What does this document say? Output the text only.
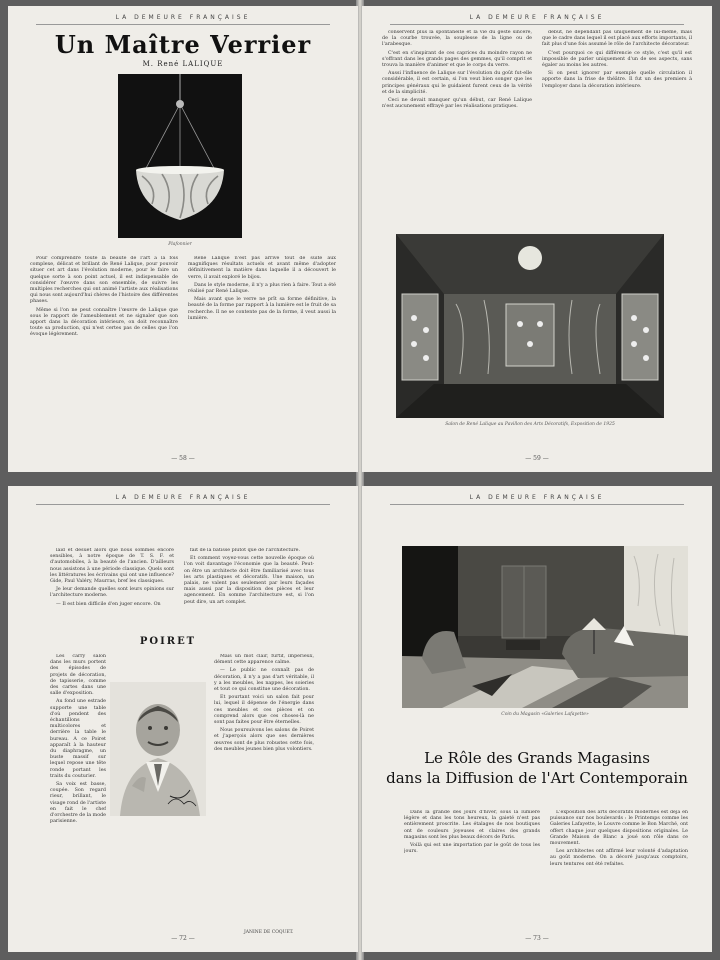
LA DEMEURE FRANÇAISE
Un Maître Verrier
M. René LALIQUE
Plafonnier

Pour comprendre toute la beauté de l'art à la fois complexe, délicat et brillant de René Lalique, pour pouvoir situer cet art dans l'évolution moderne, pour le faire un quelque sorte à son point actuel, il est indispensable de considérer l'œuvre dans son ensemble, de suivre les multiples recherches qui ont animé l'artiste aux réalisations qui nous sont aujourd'hui chères de l'histoire des différentes phases.

Même si l'on ne peut connaître l'œuvre de Lalique que sous le rapport de l'ameublement et ne signaler que son apport dans la décoration intérieure, on doit reconnaître toute sa production, qui n'est certes pas de celles que l'on évoque légèrement.

René Lalique n'est pas arrivé tout de suite aux magnifiques résultats actuels et avant même d'adopter définitivement la matière dans laquelle il a découvert le verre, il avait exploré le bijou.

Dans le style moderne, il n'y a plus rien à faire. Tout a été réalisé par René Lalique.

Mais avant que le verre ne prît sa forme définitive, la beauté de la forme par rapport à la lumière est le fruit de sa recherche. Il ne se contente pas de la forme, il veut aussi la lumière.

— 58 —
LA DEMEURE FRANÇAISE

conservent plus la spontanéité et la vie du gesté sincère, de la courbe trouvée, la souplesse de la ligne ou de l'arabesque.

C'est en s'inspirant de ces caprices du moindre rayon ne s'offrant dans les grands pages des gemmes, qu'il comprit et trouva la manière d'animer et que le corps du verre.

Aussi l'influence de Lalique sur l'évolution du goût fut-elle considérable, il est certain, si l'on veut bien songer que les principes généraux qui le guidaient furent ceux de la vérité et de la simplicité.

Ceci ne devait manquer qu'un début, car René Lalique n'est aucunement effrayé par les réalisations pratiques.

début, ne dépendant pas uniquement de lui-même, mais que le cadre dans lequel il est placé aux efforts importants, il fait plus d'une fois assumé le rôle de l'architecte décorateur.

C'est pourquoi ce qui différencie ce style, c'est qu'il est impossible de parler uniquement d'un de ses aspects, sans égaler au moins les autres.

Si on peut ignorer par exemple quelle circulation il apporte dans la frise de théâtre. Il fut un des premiers à l'employer dans la décoration intérieure.

Salon de René Lalique au Pavillon des Arts Décoratifs, Exposition de 1925
— 59 —
LA DEMEURE FRANÇAISE

laid et désuet alors que nous sommes encore sensibles, à notre époque de T. S. F. et d'automobiles, à la beauté de l'ancien. D'ailleurs nous assistons à une période classique. Quels sont les littératures les écrivains qui ont une influence? Gide, Paul Valéry, Maurras, bref les classiques.

Je leur demande quelles sont leurs opinions sur l'architecture moderne.

— Il est bien difficile d'en juger encore. On

fait de la bâtisse plutôt que de l'architecture.

Et comment voyez-vous cette nouvelle époque où l'on voit davantage l'économie que la beauté. Peut-on être un architecte doit être familiarisé avec tous les arts plastiques et décoratifs. Une maison, un palais, ne valent pas seulement par leurs façades mais aussi par la disposition des pièces et leur agencement. En somme l'architecture est, si l'on peut dire, un art complet.

POIRET

Les carry salon dans les murs portent des épisodes de projets de décoration, de tapisserie, comme des cartes dans une salle d'exposition.

Au fond une estrade supporte une table d'où pendent des échantillons multicolores et derrière la table le bureau. A ce Poiret apparaît à la hauteur du diaphragme, un buste massif sur lequel repose une tête ronde portant les traits du couturier.

Sa voix est basse, coupée. Son regard rieur, brillant, le visage rond de l'artiste en fait le chef d'orchestre de la mode parisienne.

Mais un mot clair, furtif, impérieux, dément cette apparence calme.

— Le public ne connaît pas de décoration, il n'y a pas d'art véritable, il y a les meubles, les nappes, les soieries et tout ce qui constitue une décoration.

Et pourtant voici un salon fait pour lui, lequel il dépense de l'énergie dans ces meubles et ces pièces et on comprend alors que ces choses-là ne sont pas faites pour être éternelles.

Nous poursuivons les salons de Poiret et j'aperçois alors que ses dernières œuvres sont de plus robustes cette fois, des meubles jeunes bien plus volontiers.

JANINE DE COQUET.
— 72 —
LA DEMEURE FRANÇAISE
Coin du Magasin «Galeries Lafayette»
Le Rôle des Grands Magasins
dans la Diffusion de l'Art Contemporain

Dans la grande des jours d'hiver, sous la lumière légère et dans les tons heureux, la gaieté n'est pas entièrement proscrite. Les étalages de nos boutiques ont de couleurs joyeuses et claires des grands magasins sont les plus beaux décors de Paris.

Voilà qui est une importation par le goût de tous les jours.

L'exposition des arts décoratifs modernes est déjà en puissance sur nos boulevards : le Printemps comme les Galeries Lafayette, le Louvre comme le Bon Marché, ont offert chaque jour quelques dispositions originales. Le Grande Maison de Blanc a joué son rôle dans ce mouvement.

Les architectes ont affirmé leur volonté d'adaptation au goût moderne. On a décoré jusqu'aux comptoirs, leurs tentures ont été refaites.

— 73 —
